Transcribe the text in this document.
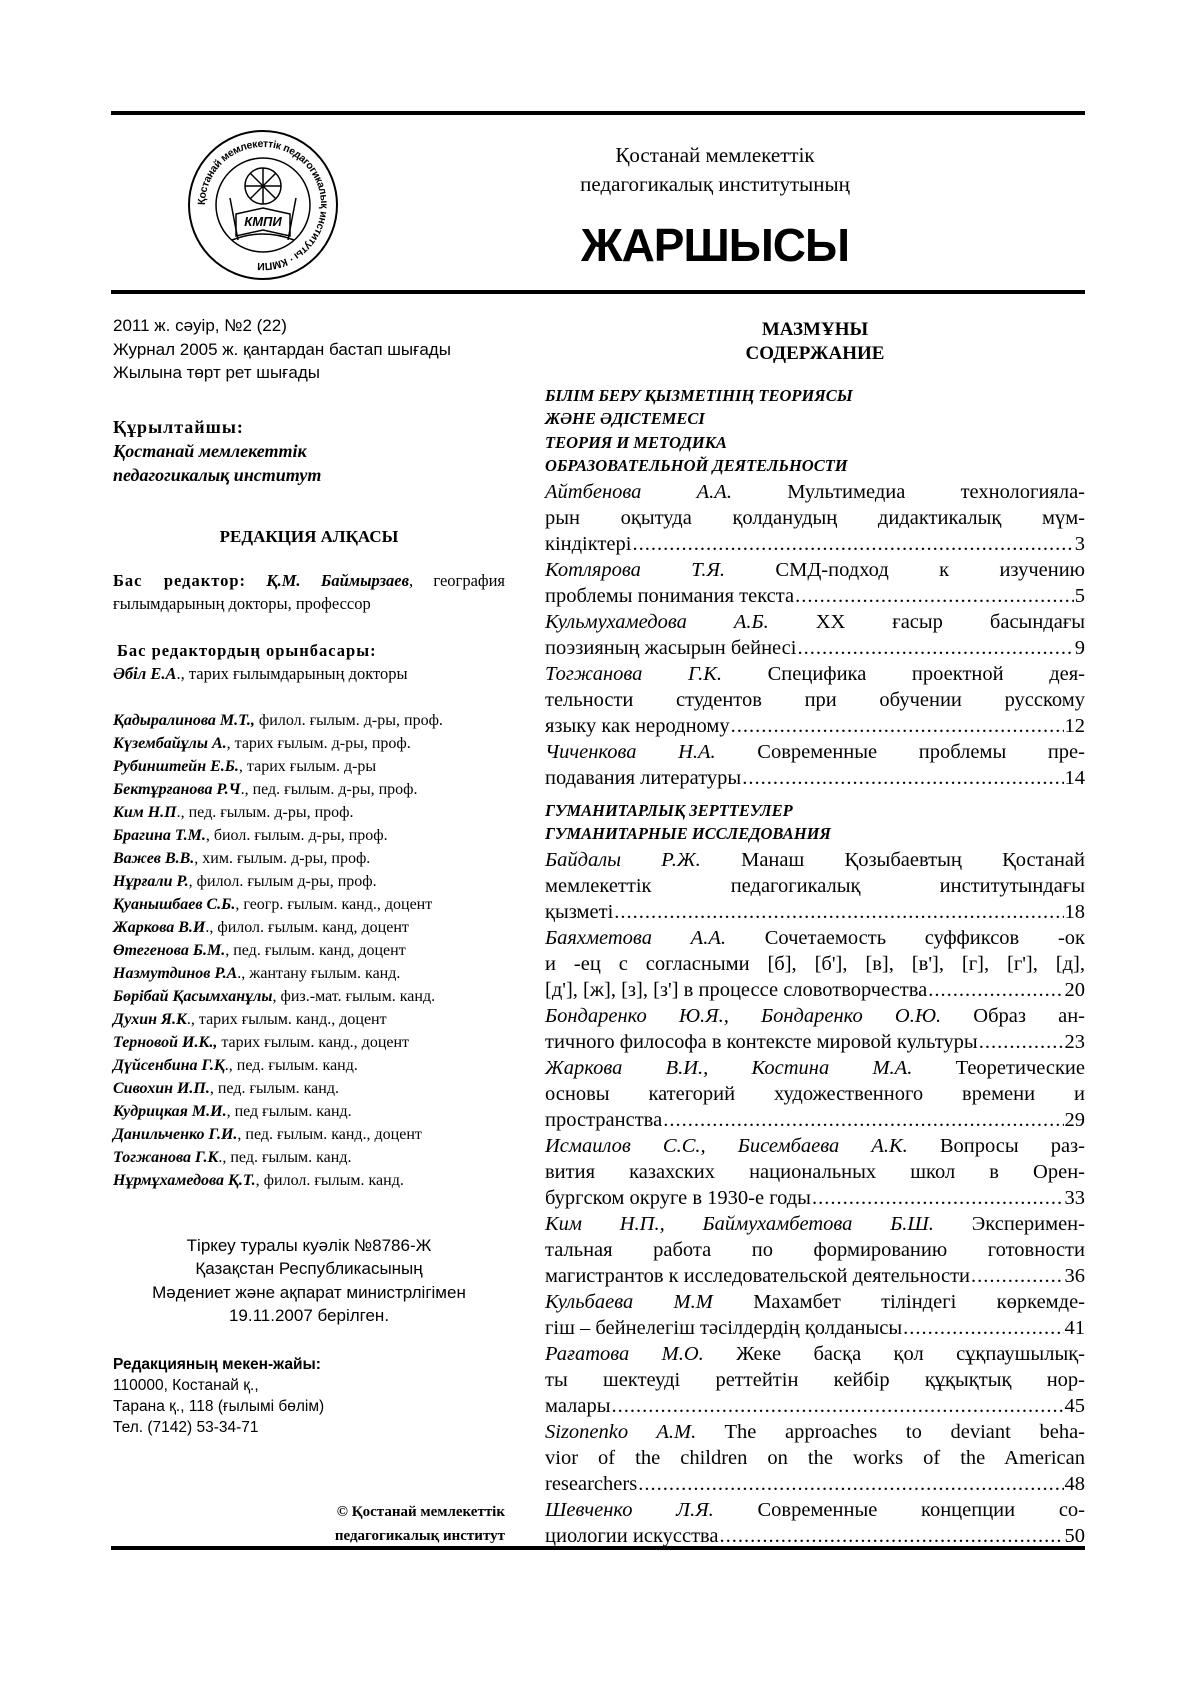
Қостанай мемлекеттік педагогикалық институты · КМПИ
КМПИ
Қостанай мемлекеттік
педагогикалық институтының
ЖАРШЫСЫ
2011 ж. сәуір, №2 (22)
Журнал 2005 ж. қантардан бастап шығады
Жылына төрт рет шығады
Құрылтайшы:
Қостанай мемлекеттік
педагогикалық институт
РЕДАКЦИЯ АЛҚАСЫ
Бас редактор: Қ.М. Баймырзаев, география ғылымдарының докторы, профессор
Бас редактордың орынбасары:
Әбіл Е.А., тарих ғылымдарының докторы
Қадыралинова М.Т., филол. ғылым. д-ры, проф.
Күзембайұлы А., тарих ғылым. д-ры, проф.
Рубинштейн Е.Б., тарих ғылым. д-ры
Бектұрғанова Р.Ч., пед. ғылым. д-ры, проф.
Ким Н.П., пед. ғылым. д-ры, проф.
Брагина Т.М., биол. ғылым. д-ры, проф.
Важев В.В., хим. ғылым. д-ры, проф.
Нұрғали Р., филол. ғылым д-ры, проф.
Қуанышбаев С.Б., геогр. ғылым. канд., доцент
Жаркова В.И., филол. ғылым. канд, доцент
Өтегенова Б.М., пед. ғылым. канд, доцент
Назмутдинов Р.А., жантану ғылым. канд.
Бөрібай Қасымханұлы, физ.-мат. ғылым. канд.
Духин Я.К., тарих ғылым. канд., доцент
Терновой И.К., тарих ғылым. канд., доцент
Дүйсенбина Г.Қ., пед. ғылым. канд.
Сивохин И.П., пед. ғылым. канд.
Кудрицкая М.И., пед ғылым. канд.
Данильченко Г.И., пед. ғылым. канд., доцент
Тогжанова Г.К., пед. ғылым. канд.
Нұрмұхамедова Қ.Т., филол. ғылым. канд.
Тіркеу туралы куәлік №8786-Ж
Қазақстан Республикасының
Мәдениет және ақпарат министрлігімен
19.11.2007 берілген.
Редакцияның мекен-жайы:
110000, Костанай қ.,
Тарана қ., 118 (ғылымі бөлім)
Тел. (7142) 53-34-71
© Қостанай мемлекеттік
педагогикалық институт
МАЗМҰНЫ
СОДЕРЖАНИЕ
БІЛІМ БЕРУ ҚЫЗМЕТІНІҢ ТЕОРИЯСЫ
ЖӘНЕ ӘДІСТЕМЕСІ
ТЕОРИЯ И МЕТОДИКА
ОБРАЗОВАТЕЛЬНОЙ ДЕЯТЕЛЬНОСТИ
Айтбенова А.А. Мультимедиа технологияла-
рын оқытуда қолданудың дидактикалық мүм-
кіндіктері .....	3
Котлярова Т.Я. СМД-подход к изучению
проблемы понимания текста .....	5
Кульмухамедова А.Б. ХХ ғасыр басындағы
поэзияның жасырын бейнесі .....	9
Тогжанова Г.К. Специфика проектной дея-
тельности студентов при обучении русскому
языку как неродному .....	12
Чиченкова Н.А. Современные проблемы пре-
подавания литературы .....	14
ГУМАНИТАРЛЫҚ ЗЕРТТЕУЛЕР
ГУМАНИТАРНЫЕ ИССЛЕДОВАНИЯ
Байдалы Р.Ж. Манаш Қозыбаевтың Қостанай
мемлекеттік педагогикалық институтындағы
қызметі .....	18
Баяхметова А.А. Сочетаемость суффиксов -ок
и -ец с согласными [б], [б'], [в], [в'], [г], [г'], [д],
[д'], [ж], [з], [з'] в процессе словотворчества .....	20
Бондаренко Ю.Я., Бондаренко О.Ю. Образ ан-
тичного философа в контексте мировой культуры .....	23
Жаркова В.И., Костина М.А. Теоретические
основы категорий художественного времени и
пространства .....	29
Исмаилов С.С., Бисембаева А.К. Вопросы раз-
вития казахских национальных школ в Орен-
бургском округе в 1930-е годы .....	33
Ким Н.П., Баймухамбетова Б.Ш. Эксперимен-
тальная работа по формированию готовности
магистрантов к исследовательской деятельности .....	36
Кульбаева М.М Махамбет тіліндегі көркемде-
гіш – бейнелегіш тәсілдердің қолданысы .....	41
Рағатова М.О. Жеке басқа қол сұқпаушылық-
ты шектеуді реттейтін кейбір құқықтық нор-
малары .....	45
Sizonenko A.M. The approaches to deviant beha-
vior of the children on the works of the American
researchers .....	48
Шевченко Л.Я. Современные концепции со-
циологии искусства .....	50
